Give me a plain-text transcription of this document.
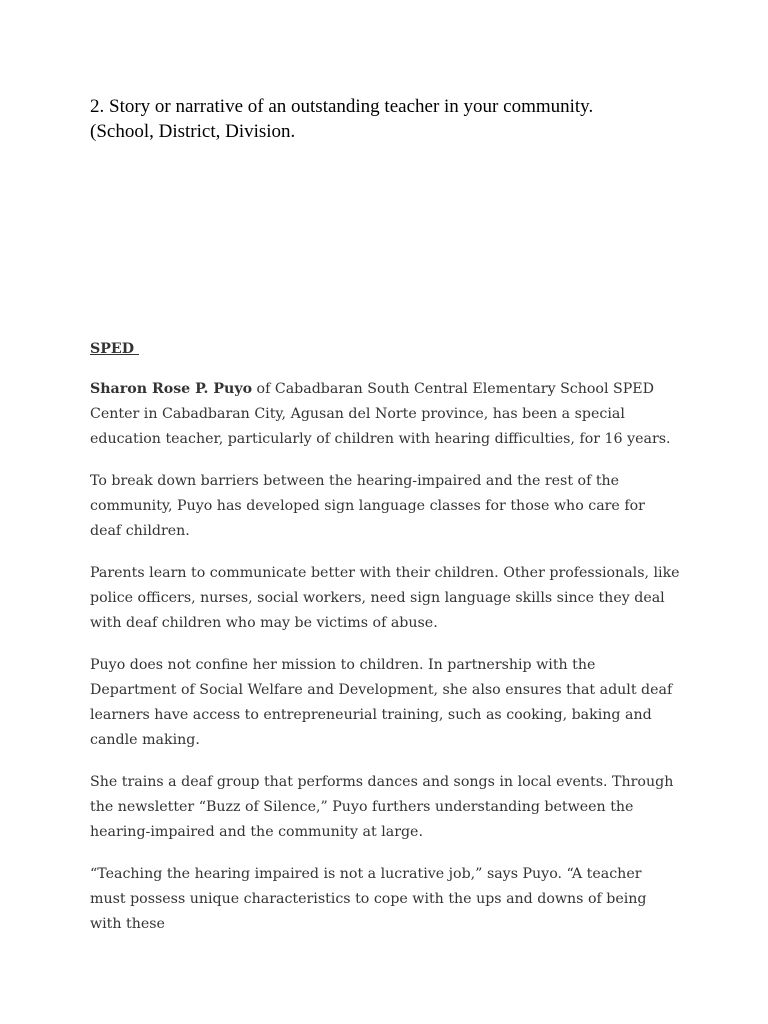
2. Story or narrative of an outstanding teacher in your community.
(School, District, Division.

SPED

Sharon Rose P. Puyo of Cabadbaran South Central Elementary School SPED Center in Cabadbaran City, Agusan del Norte province, has been a special education teacher, particularly of children with hearing difficulties, for 16 years.

To break down barriers between the hearing-impaired and the rest of the community, Puyo has developed sign language classes for those who care for deaf children.

Parents learn to communicate better with their children. Other professionals, like police officers, nurses, social workers, need sign language skills since they deal with deaf children who may be victims of abuse.

Puyo does not confine her mission to children. In partnership with the Department of Social Welfare and Development, she also ensures that adult deaf learners have access to entrepreneurial training, such as cooking, baking and candle making.

She trains a deaf group that performs dances and songs in local events. Through the newsletter “Buzz of Silence,” Puyo furthers understanding between the hearing-impaired and the community at large.

“Teaching the hearing impaired is not a lucrative job,” says Puyo. “A teacher must possess unique characteristics to cope with the ups and downs of being with these
